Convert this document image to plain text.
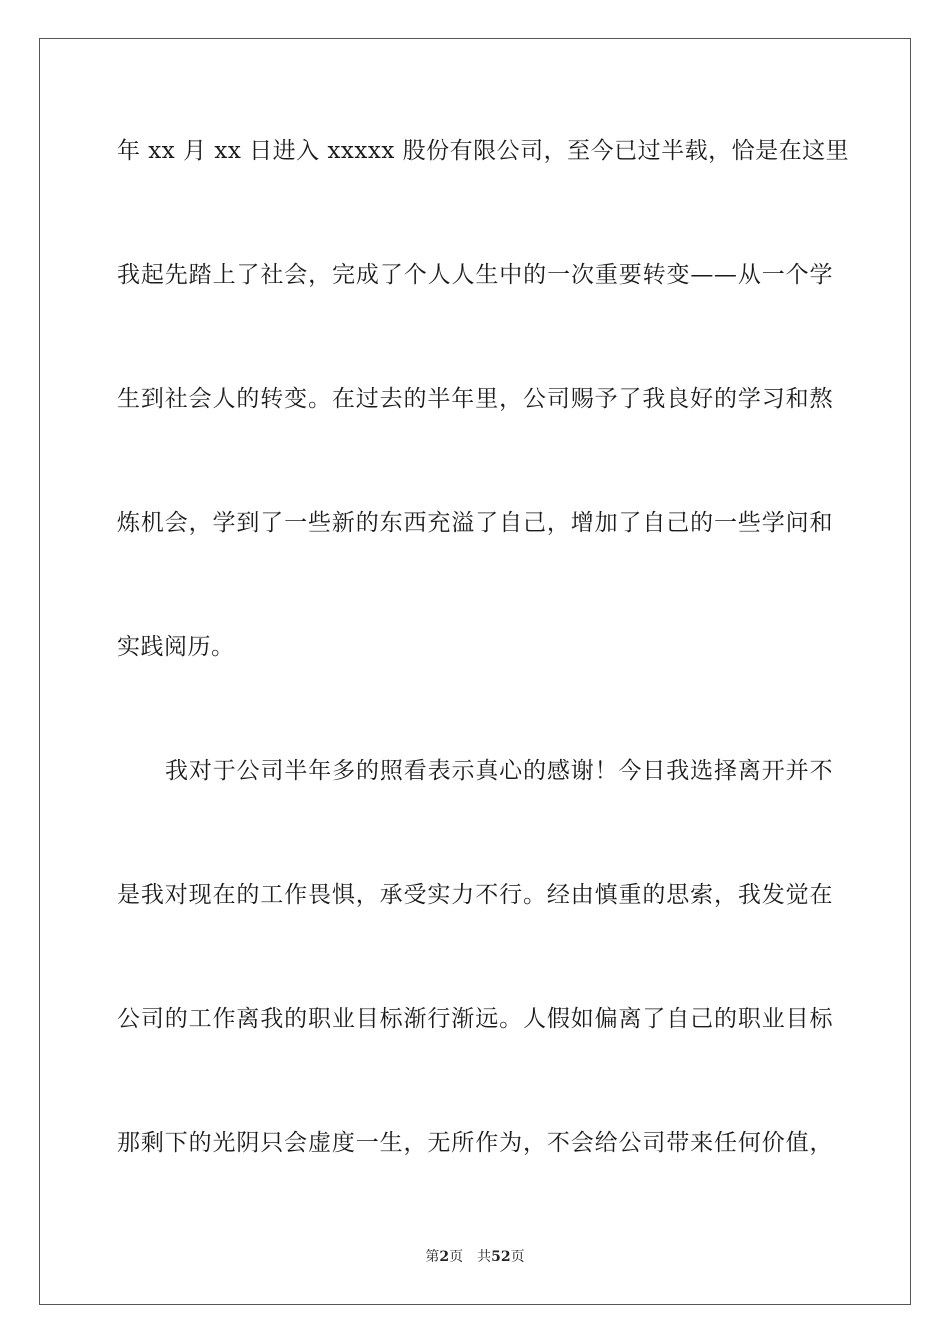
年 xx 月 xx 日进入 xxxxx 股份有限公司，至今已过半载，恰是在这里
我起先踏上了社会，完成了个人人生中的一次重要转变——从一个学
生到社会人的转变。在过去的半年里，公司赐予了我良好的学习和熬
炼机会，学到了一些新的东西充溢了自己，增加了自己的一些学问和
实践阅历。
我对于公司半年多的照看表示真心的感谢！今日我选择离开并不
是我对现在的工作畏惧，承受实力不行。经由慎重的思索，我发觉在
公司的工作离我的职业目标渐行渐远。人假如偏离了自己的职业目标
那剩下的光阴只会虚度一生，无所作为，不会给公司带来任何价值，
第2页 共52页
